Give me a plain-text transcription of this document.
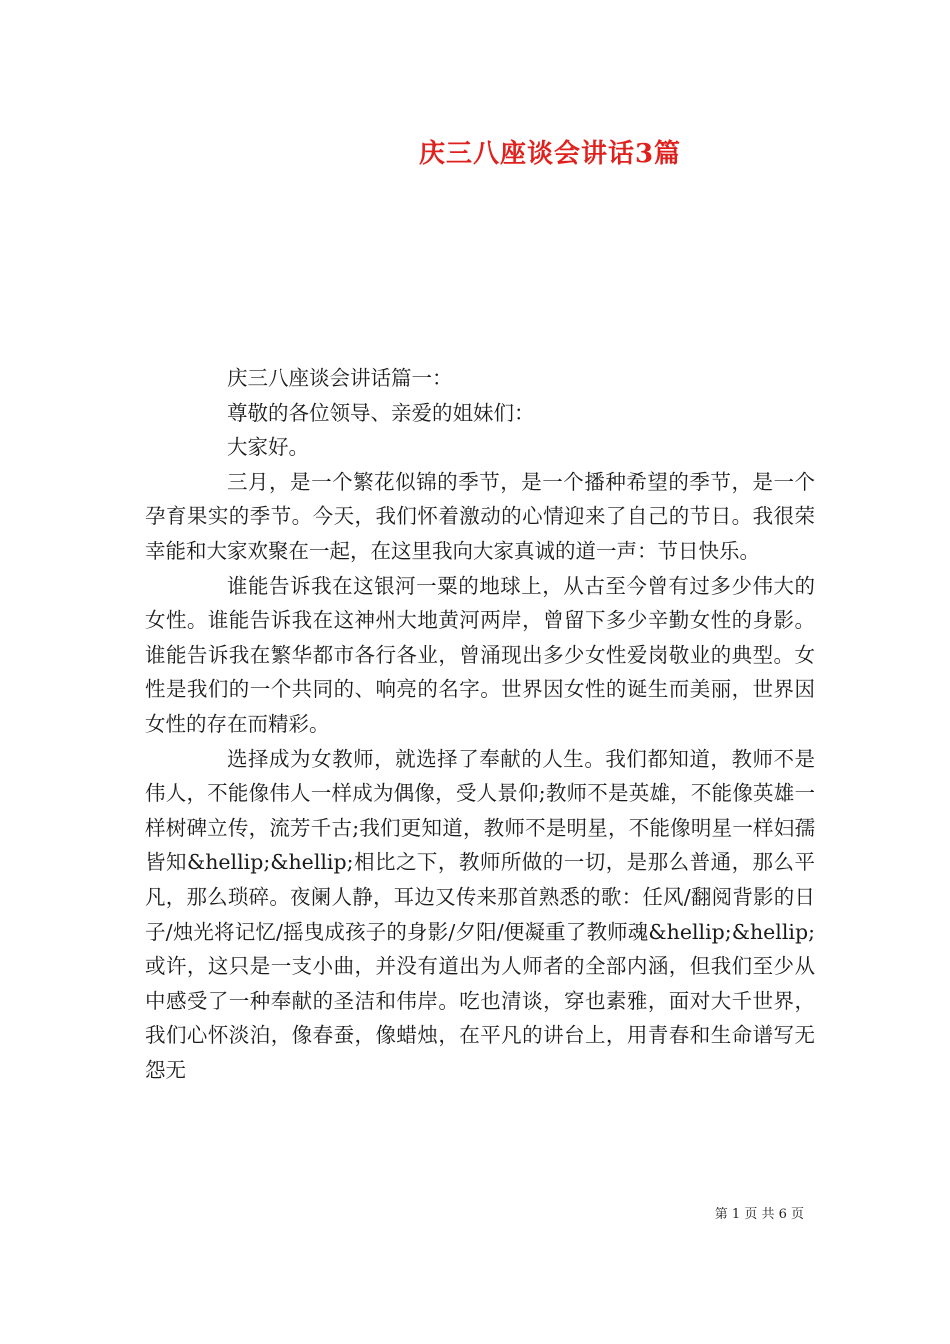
庆三八座谈会讲话3篇

庆三八座谈会讲话篇一：

尊敬的各位领导、亲爱的姐妹们：

大家好。

三月，是一个繁花似锦的季节，是一个播种希望的季节，是一个孕育果实的季节。今天，我们怀着激动的心情迎来了自己的节日。我很荣幸能和大家欢聚在一起，在这里我向大家真诚的道一声：节日快乐。

谁能告诉我在这银河一粟的地球上，从古至今曾有过多少伟大的女性。谁能告诉我在这神州大地黄河两岸，曾留下多少辛勤女性的身影。谁能告诉我在繁华都市各行各业，曾涌现出多少女性爱岗敬业的典型。女性是我们的一个共同的、响亮的名字。世界因女性的诞生而美丽，世界因女性的存在而精彩。

选择成为女教师，就选择了奉献的人生。我们都知道，教师不是伟人，不能像伟人一样成为偶像，受人景仰;教师不是英雄，不能像英雄一样树碑立传，流芳千古;我们更知道，教师不是明星，不能像明星一样妇孺皆知&hellip;&hellip;相比之下，教师所做的一切，是那么普通，那么平凡，那么琐碎。夜阑人静，耳边又传来那首熟悉的歌：任风/翻阅背影的日子/烛光将记忆/摇曳成孩子的身影/夕阳/便凝重了教师魂&hellip;&hellip;或许，这只是一支小曲，并没有道出为人师者的全部内涵，但我们至少从中感受了一种奉献的圣洁和伟岸。吃也清谈，穿也素雅，面对大千世界，我们心怀淡泊，像春蚕，像蜡烛，在平凡的讲台上，用青春和生命谱写无怨无

第 1 页 共 6 页
